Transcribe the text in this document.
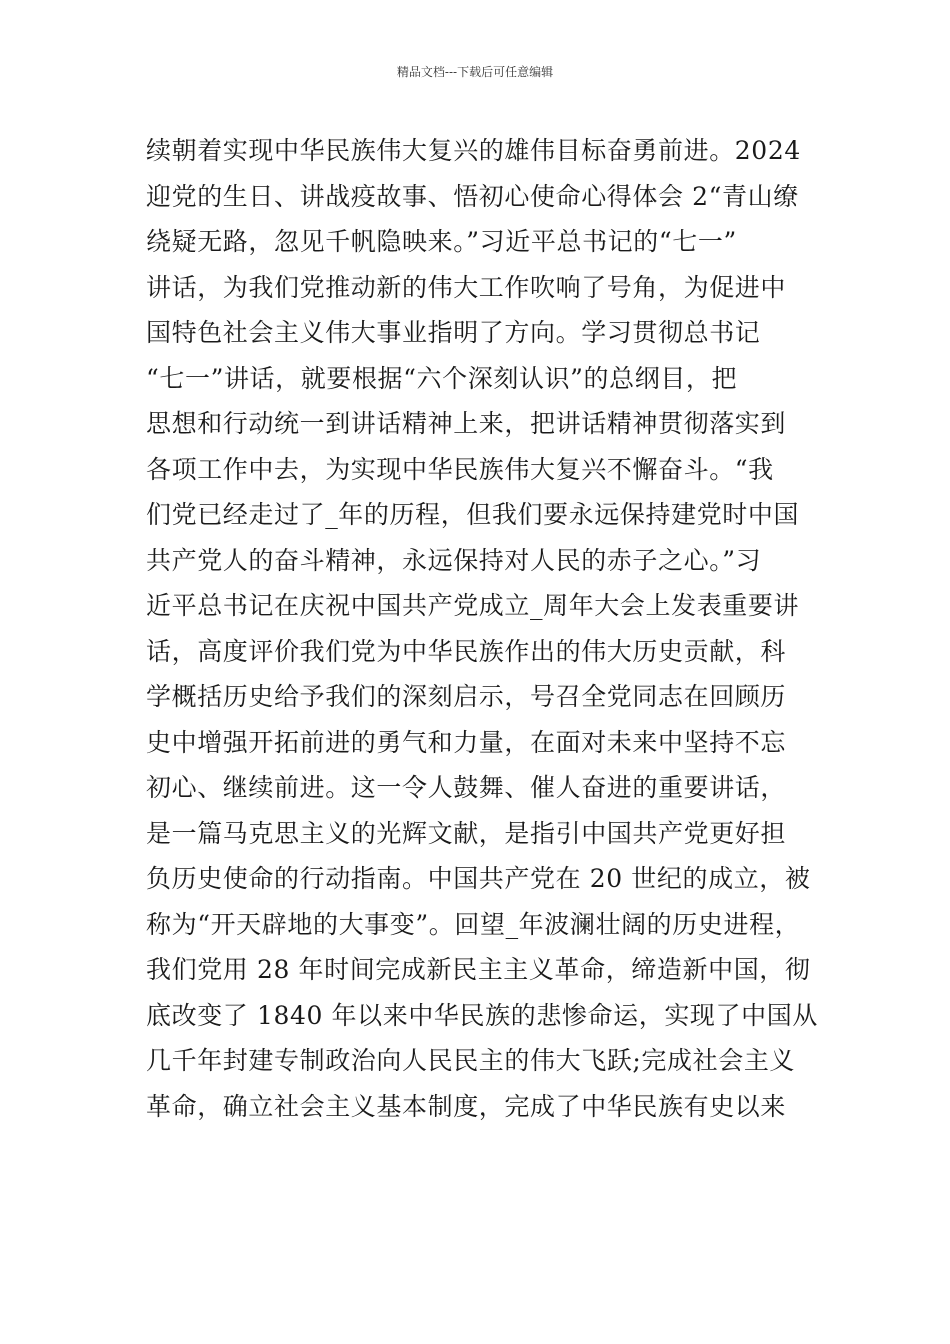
精品文档---下载后可任意编辑
续朝着实现中华民族伟大复兴的雄伟目标奋勇前进。2024
迎党的生日、讲战疫故事、悟初心使命心得体会 2“青山缭
绕疑无路，忽见千帆隐映来。”习近平总书记的“七一”
讲话，为我们党推动新的伟大工作吹响了号角，为促进中
国特色社会主义伟大事业指明了方向。学习贯彻总书记
“七一”讲话，就要根据“六个深刻认识”的总纲目，把
思想和行动统一到讲话精神上来，把讲话精神贯彻落实到
各项工作中去，为实现中华民族伟大复兴不懈奋斗。“我
们党已经走过了_年的历程，但我们要永远保持建党时中国
共产党人的奋斗精神，永远保持对人民的赤子之心。”习
近平总书记在庆祝中国共产党成立_周年大会上发表重要讲
话，高度评价我们党为中华民族作出的伟大历史贡献，科
学概括历史给予我们的深刻启示，号召全党同志在回顾历
史中增强开拓前进的勇气和力量，在面对未来中坚持不忘
初心、继续前进。这一令人鼓舞、催人奋进的重要讲话，
是一篇马克思主义的光辉文献，是指引中国共产党更好担
负历史使命的行动指南。中国共产党在 20 世纪的成立，被
称为“开天辟地的大事变”。回望_年波澜壮阔的历史进程，
我们党用 28 年时间完成新民主主义革命，缔造新中国，彻
底改变了 1840 年以来中华民族的悲惨命运，实现了中国从
几千年封建专制政治向人民民主的伟大飞跃;完成社会主义
革命，确立社会主义基本制度，完成了中华民族有史以来
